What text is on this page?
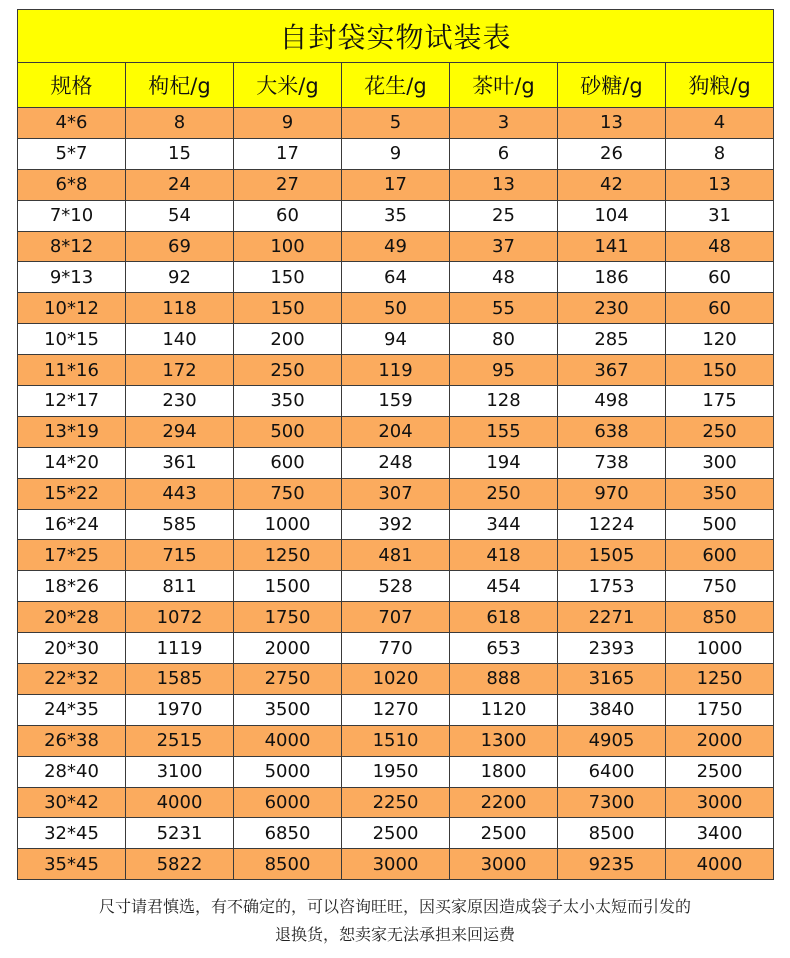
自封袋实物试装表						
规格	枸杞/g	大米/g	花生/g	茶叶/g	砂糖/g	狗粮/g
4*6	8	9	5	3	13	4
5*7	15	17	9	6	26	8
6*8	24	27	17	13	42	13
7*10	54	60	35	25	104	31
8*12	69	100	49	37	141	48
9*13	92	150	64	48	186	60
10*12	118	150	50	55	230	60
10*15	140	200	94	80	285	120
11*16	172	250	119	95	367	150
12*17	230	350	159	128	498	175
13*19	294	500	204	155	638	250
14*20	361	600	248	194	738	300
15*22	443	750	307	250	970	350
16*24	585	1000	392	344	1224	500
17*25	715	1250	481	418	1505	600
18*26	811	1500	528	454	1753	750
20*28	1072	1750	707	618	2271	850
20*30	1119	2000	770	653	2393	1000
22*32	1585	2750	1020	888	3165	1250
24*35	1970	3500	1270	1120	3840	1750
26*38	2515	4000	1510	1300	4905	2000
28*40	3100	5000	1950	1800	6400	2500
30*42	4000	6000	2250	2200	7300	3000
32*45	5231	6850	2500	2500	8500	3400
35*45	5822	8500	3000	3000	9235	4000
尺寸请君慎选，有不确定的，可以咨询旺旺，因买家原因造成袋子太小太短而引发的
退换货，恕卖家无法承担来回运费
